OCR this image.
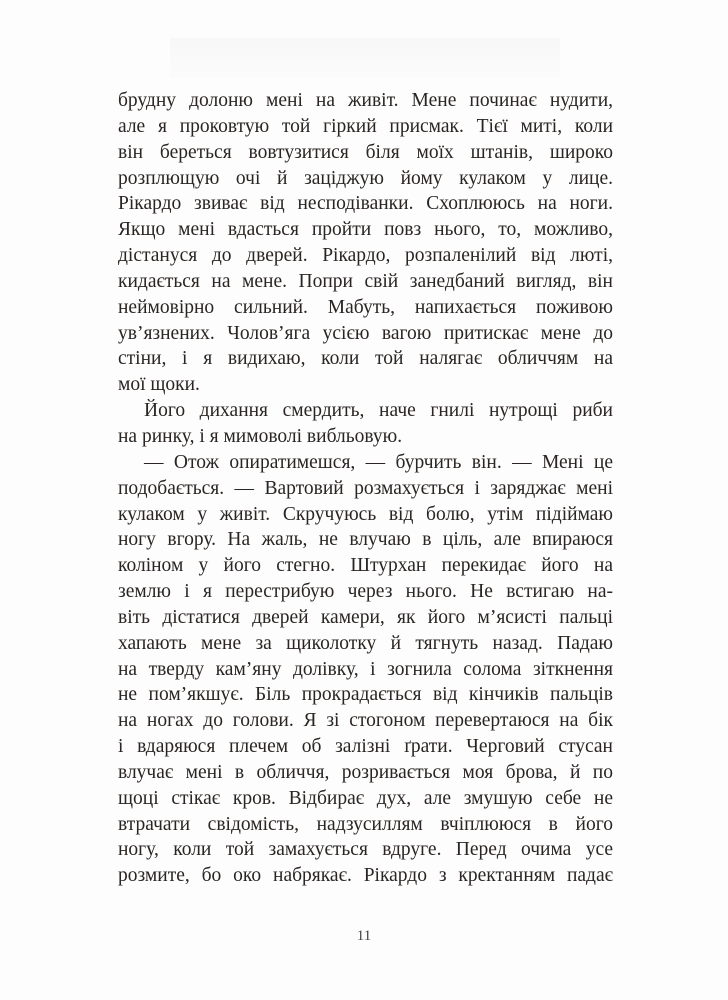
брудну долоню мені на живіт. Мене починає нудити,
але я проковтую той гіркий присмак. Тієї миті, коли
він береться вовтузитися біля моїх штанів, широко
розплющую очі й заціджую йому кулаком у лице.
Рікардо звиває від несподіванки. Схоплююсь на ноги.
Якщо мені вдасться пройти повз нього, то, можливо,
дістануся до дверей. Рікардо, розпаленілий від люті,
кидається на мене. Попри свій занедбаний вигляд, він
неймовірно сильний. Мабуть, напихається поживою
ув’язнених. Чолов’яга усією вагою притискає мене до
стіни, і я видихаю, коли той налягає обличчям на
мої щоки.
Його дихання смердить, наче гнилі нутрощі риби
на ринку, і я мимоволі вибльовую.
— Отож опиратимешся, — бурчить він. — Мені це
подобається. — Вартовий розмахується і заряджає мені
кулаком у живіт. Скручуюсь від болю, утім підіймаю
ногу вгору. На жаль, не влучаю в ціль, але впираюся
коліном у його стегно. Штурхан перекидає його на
землю і я перестрибую через нього. Не встигаю на-
віть дістатися дверей камери, як його м’ясисті пальці
хапають мене за щиколотку й тягнуть назад. Падаю
на тверду кам’яну долівку, і зогнила солома зіткнення
не пом’якшує. Біль прокрадається від кінчиків пальців
на ногах до голови. Я зі стогоном перевертаюся на бік
і вдаряюся плечем об залізні ґрати. Черговий стусан
влучає мені в обличчя, розривається моя брова, й по
щоці стікає кров. Відбирає дух, але змушую себе не
втрачати свідомість, надзусиллям вчіплююся в його
ногу, коли той замахується вдруге. Перед очима усе
розмите, бо око набрякає. Рікардо з кректанням падає
11
